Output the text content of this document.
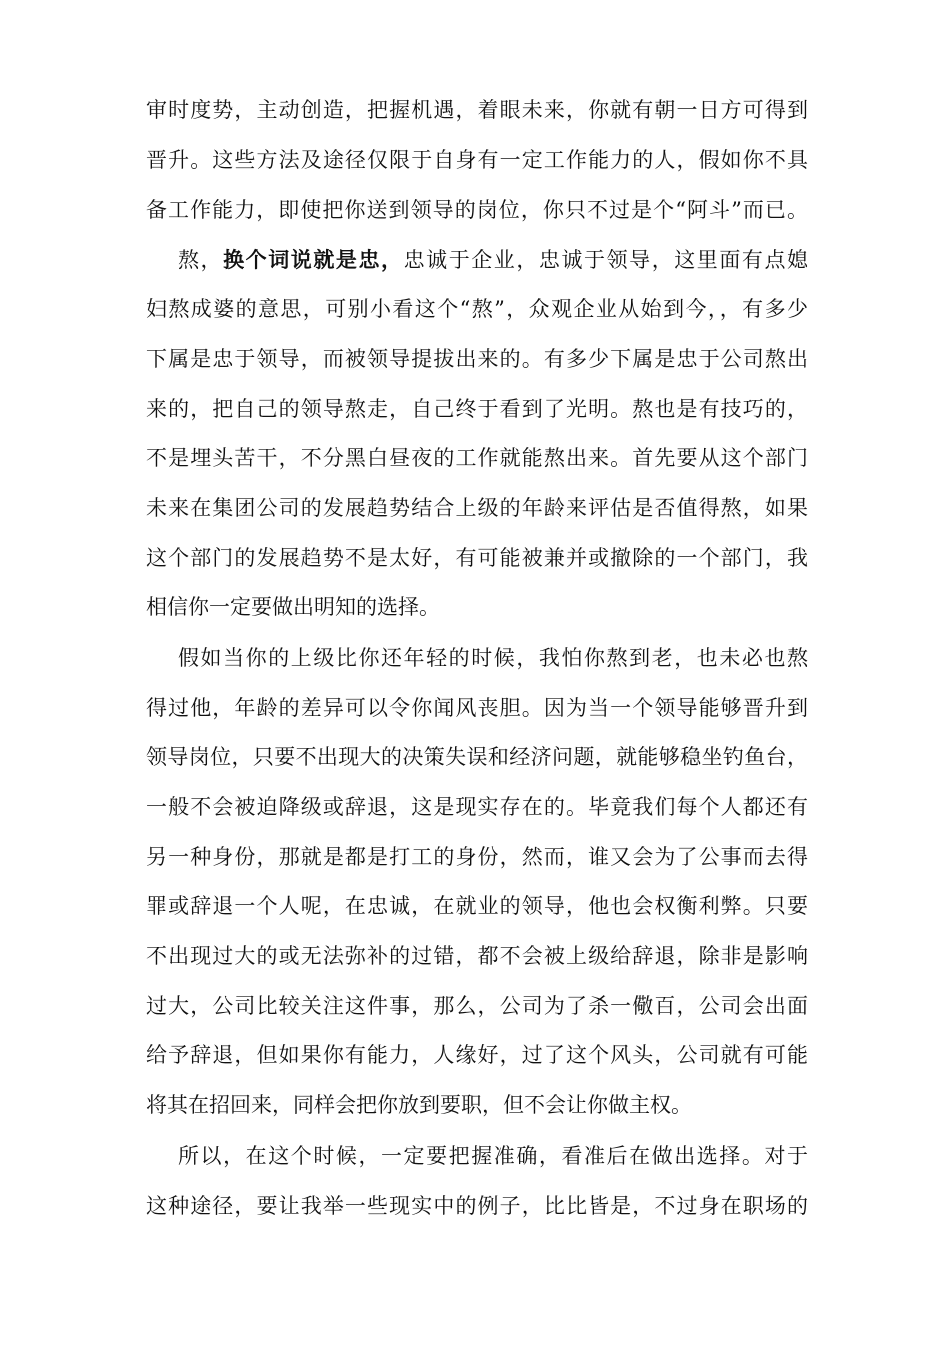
审时度势，主动创造，把握机遇，着眼未来，你就有朝一日方可得到
晋升。这些方法及途径仅限于自身有一定工作能力的人，假如你不具
备工作能力，即使把你送到领导的岗位，你只不过是个“阿斗”而已。
熬，换个词说就是忠，忠诚于企业，忠诚于领导，这里面有点媳
妇熬成婆的意思，可别小看这个“熬”，众观企业从始到今，，有多少
下属是忠于领导，而被领导提拔出来的。有多少下属是忠于公司熬出
来的，把自己的领导熬走，自己终于看到了光明。熬也是有技巧的，
不是埋头苦干，不分黑白昼夜的工作就能熬出来。首先要从这个部门
未来在集团公司的发展趋势结合上级的年龄来评估是否值得熬，如果
这个部门的发展趋势不是太好，有可能被兼并或撤除的一个部门，我
相信你一定要做出明知的选择。
假如当你的上级比你还年轻的时候，我怕你熬到老，也未必也熬
得过他，年龄的差异可以令你闻风丧胆。因为当一个领导能够晋升到
领导岗位，只要不出现大的决策失误和经济问题，就能够稳坐钓鱼台，
一般不会被迫降级或辞退，这是现实存在的。毕竟我们每个人都还有
另一种身份，那就是都是打工的身份，然而，谁又会为了公事而去得
罪或辞退一个人呢，在忠诚，在就业的领导，他也会权衡利弊。只要
不出现过大的或无法弥补的过错，都不会被上级给辞退，除非是影响
过大，公司比较关注这件事，那么，公司为了杀一儆百，公司会出面
给予辞退，但如果你有能力，人缘好，过了这个风头，公司就有可能
将其在招回来，同样会把你放到要职，但不会让你做主权。
所以，在这个时候，一定要把握准确，看准后在做出选择。对于
这种途径，要让我举一些现实中的例子，比比皆是，不过身在职场的
